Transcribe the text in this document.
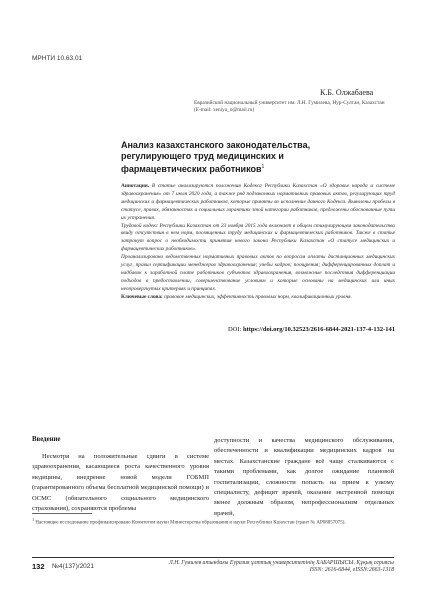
МРНТИ 10.63.01
К.Б. Олжабаева
Евразийский национальный университет им. Л.Н. Гумилева, Нур-Султан, Казахстан
(E-mail: xeniya_o@mail.ru)
Анализ казахстанского законодательства, регулирующего труд медицинских и фармацевтических работников$^1$

Аннотация. В статье анализируются положения Кодекса Республики Казахстан «О здоровье народа и системе здравоохранения» от 7 июля 2020 года, а также ряд подзаконных нормативных правовых актов, регулирующих труд медицинских и фармацевтических работников, которые приняты во исполнение данного Кодекса. Выявлены пробелы в статусе, правах, обязанностях и социальных гарантиях этой категории работников, предложены обоснованные пути их устранения.

Трудовой кодекс Республики Казахстан от 23 ноября 2015 года включает в общем стимулирующем законодательство ввиду отсутствия в нем норм, посвященных труду медицинских и фармацевтических работников. Также в статье затронут вопрос о необходимости принятия нового закона Республики Казахстан «О статусе медицинских и фармацевтических работников».

Проанализировано ведомственных нормативных правовых актов по вопросам оплаты дистанционных медицинских услуг, правил сертификации менеджеров здравоохранения; учебы кадров; поощрения; дифференцированных доплат и надбавок к заработной плате работников субъектов здравоохранения, возможные последствия дифференциации подходов в предоставлении, совершенствование условиям и которые основаны на медицинских или иных неопровергнутых критериях и принципах.

Ключевые слова: правовое медицинских, эффективность правовых норм, квалификационных уровня.

DOI: https://doi.org/10.32523/2616-6844-2021-137-4-132-141
Введение
Несмотря на положительные сдвиги в системе здравоохранения, касающиеся роста качественного уровня медицины, внедрение новой модели ГОБМП (гарантированного объема бесплатной медицинской помощи) и ОСМС (обязательного социального медицинского страхования), сохраняются проблемы
доступности и качества медицинского обслуживания, обеспеченности и квалификации медицинских кадров на местах. Казахстанские граждане всё чаще сталкиваются с такими проблемами, как долгое ожидание плановой госпитализации, сложности попасть на прием к узкому специалисту, дефицит врачей, оказание экстренной помощи менее должным образом, непрофессионализм отдельных врачей,
$^1$ Настоящее исследование профинансировано Комитетом науки Министерства образования и науки Республики Казахстан (грант № AP08857075).
132 №4(137)/2021	Л.Н. Гумилев атындағы Еуразия ұлттық университетінің ХАБАРШЫСЫ. Құқық сериясы
ISSN: 2616-6844, eISSN:2663-1318
